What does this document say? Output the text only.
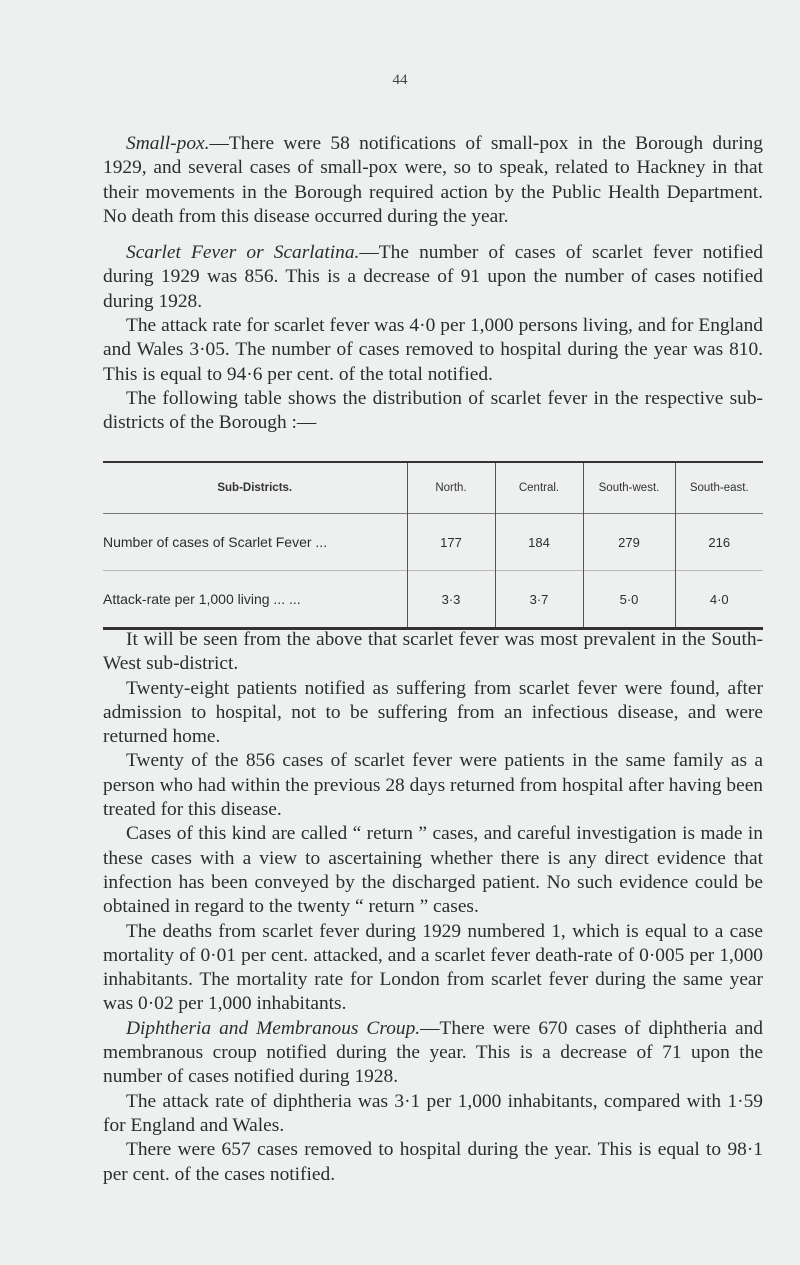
44

Small-pox.—There were 58 notifications of small-pox in the Borough during 1929, and several cases of small-pox were, so to speak, related to Hackney in that their movements in the Borough required action by the Public Health Department. No death from this disease occurred during the year.

Scarlet Fever or Scarlatina.—The number of cases of scarlet fever notified during 1929 was 856. This is a decrease of 91 upon the number of cases notified during 1928.

The attack rate for scarlet fever was 4·0 per 1,000 persons living, and for England and Wales 3·05. The number of cases removed to hospital during the year was 810. This is equal to 94·6 per cent. of the total notified.

The following table shows the distribution of scarlet fever in the respective sub-districts of the Borough :—

Sub-Districts.	North.	Central.	South-west.	South-east.
Number of cases of Scarlet Fever ...	177	184	279	216
Attack-rate per 1,000 living ... ...	3·3	3·7	5·0	4·0

It will be seen from the above that scarlet fever was most prevalent in the South-West sub-district.

Twenty-eight patients notified as suffering from scarlet fever were found, after admission to hospital, not to be suffering from an infectious disease, and were returned home.

Twenty of the 856 cases of scarlet fever were patients in the same family as a person who had within the previous 28 days returned from hospital after having been treated for this disease.

Cases of this kind are called “ return ” cases, and careful investigation is made in these cases with a view to ascertaining whether there is any direct evidence that infection has been conveyed by the discharged patient. No such evidence could be obtained in regard to the twenty “ return ” cases.

The deaths from scarlet fever during 1929 numbered 1, which is equal to a case mortality of 0·01 per cent. attacked, and a scarlet fever death-rate of 0·005 per 1,000 inhabitants. The mortality rate for London from scarlet fever during the same year was 0·02 per 1,000 inhabitants.

Diphtheria and Membranous Croup.—There were 670 cases of diphtheria and membranous croup notified during the year. This is a decrease of 71 upon the number of cases notified during 1928.

The attack rate of diphtheria was 3·1 per 1,000 inhabitants, compared with 1·59 for England and Wales.

There were 657 cases removed to hospital during the year. This is equal to 98·1 per cent. of the cases notified.
